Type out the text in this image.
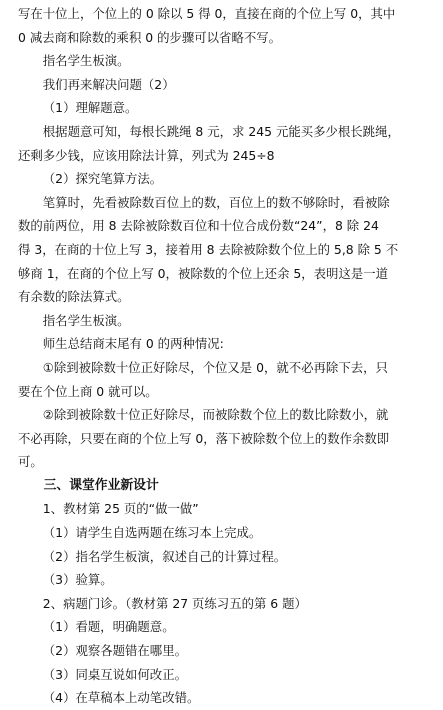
写在十位上，个位上的 0 除以 5 得 0，直接在商的个位上写 0，其中

0 减去商和除数的乘积 0 的步骤可以省略不写。

指名学生板演。

我们再来解决问题（2）

（1）理解题意。

根据题意可知，每根长跳绳 8 元，求 245 元能买多少根长跳绳，

还剩多少钱，应该用除法计算，列式为 245÷8

（2）探究笔算方法。

笔算时，先看被除数百位上的数，百位上的数不够除时，看被除

数的前两位，用 8 去除被除数百位和十位合成份数“24”，8 除 24

得 3，在商的十位上写 3，接着用 8 去除被除数个位上的 5,8 除 5 不

够商 1，在商的个位上写 0，被除数的个位上还余 5，表明这是一道

有余数的除法算式。

指名学生板演。

师生总结商末尾有 0 的两种情况:

①除到被除数十位正好除尽，个位又是 0，就不必再除下去，只

要在个位上商 0 就可以。

②除到被除数十位正好除尽，而被除数个位上的数比除数小，就

不必再除，只要在商的个位上写 0，落下被除数个位上的数作余数即

可。

三、课堂作业新设计

1、教材第 25 页的“做一做”

（1）请学生自选两题在练习本上完成。

（2）指名学生板演，叙述自己的计算过程。

（3）验算。

2、病题门诊。（教材第 27 页练习五的第 6 题）

（1）看题，明确题意。

（2）观察各题错在哪里。

（3）同桌互说如何改正。

（4）在草稿本上动笔改错。
